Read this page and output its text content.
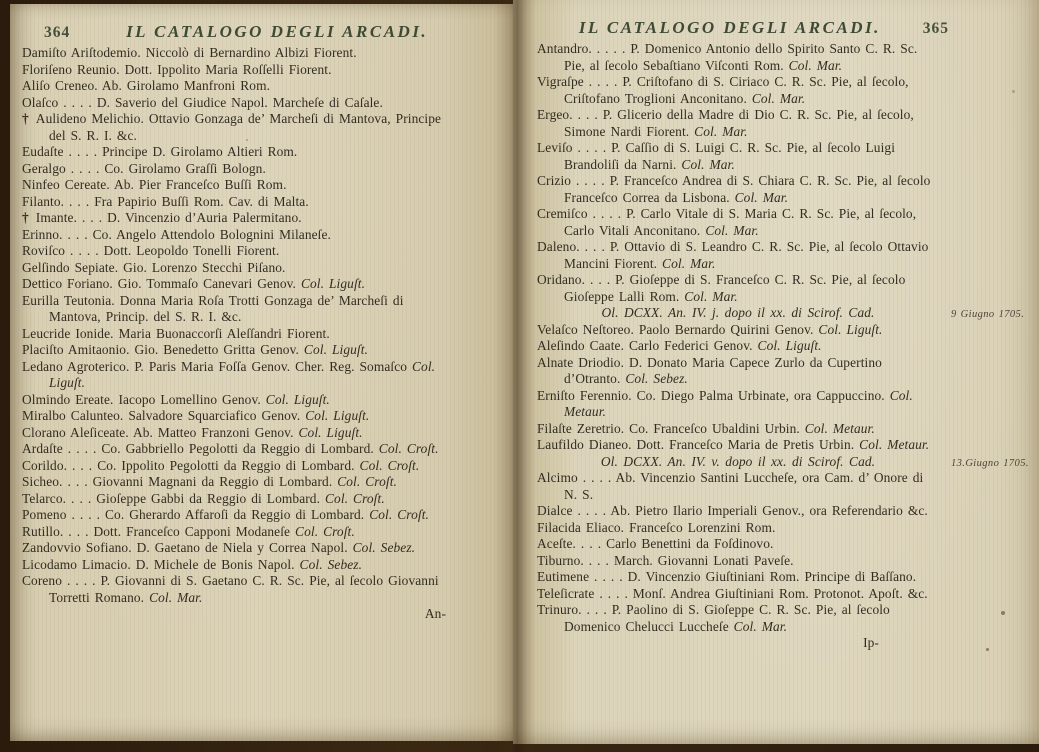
364	IL CATALOGO DEGLI ARCADI.
Damiſto Ariſtodemio. Niccolò di Bernardino Albizi Fiorent.
Floriſeno Reunio. Dott. Ippolito Maria Roſſelli Fiorent.
Aliſo Creneo. Ab. Girolamo Manfroni Rom.
Olaſco . . . . D. Saverio del Giudice Napol. Marcheſe di Caſale.
† Aulideno Melichio. Ottavio Gonzaga de’ Marcheſi di Mantova, Principe del S. R. I. &c.
Eudaſte . . . . Principe D. Girolamo Altieri Rom.
Geralgo . . . . Co. Girolamo Graſſi Bologn.
Ninfeo Cereate. Ab. Pier Franceſco Buſſi Rom.
Filanto. . . . Fra Papirio Buſſi Rom. Cav. di Malta.
† Imante. . . . D. Vincenzio d’Auria Palermitano.
Erinno. . . . Co. Angelo Attendolo Bolognini Milaneſe.
Roviſco . . . . Dott. Leopoldo Tonelli Fiorent.
Gelſindo Sepiate. Gio. Lorenzo Stecchi Piſano.
Dettico Foriano. Gio. Tommaſo Canevari Genov. Col. Liguſt.
Eurilla Teutonia. Donna Maria Roſa Trotti Gonzaga de’ Marcheſi di Mantova, Princip. del S. R. I. &c.
Leucride Ionide. Maria Buonaccorſi Aleſſandri Fiorent.
Placiſto Amitaonio. Gio. Benedetto Gritta Genov. Col. Liguſt.
Ledano Agroterico. P. Paris Maria Foſſa Genov. Cher. Reg. Somaſco Col. Liguſt.
Olmindo Ereate. Iacopo Lomellino Genov. Col. Liguſt.
Miralbo Calunteo. Salvadore Squarciafico Genov. Col. Liguſt.
Clorano Aleſiceate. Ab. Matteo Franzoni Genov. Col. Liguſt.
Ardaſte . . . . Co. Gabbriello Pegolotti da Reggio di Lombard. Col. Croſt.
Corildo. . . . Co. Ippolito Pegolotti da Reggio di Lombard. Col. Croſt.
Sicheo. . . . Giovanni Magnani da Reggio di Lombard. Col. Croſt.
Telarco. . . . Gioſeppe Gabbi da Reggio di Lombard. Col. Croſt.
Pomeno . . . . Co. Gherardo Affaroſi da Reggio di Lombard. Col. Croſt.
Rutillo. . . . Dott. Franceſco Capponi Modaneſe Col. Croſt.
Zandovvio Sofiano. D. Gaetano de Niela y Correa Napol. Col. Sebez.
Licodamo Limacio. D. Michele de Bonis Napol. Col. Sebez.
Coreno . . . . P. Giovanni di S. Gaetano C. R. Sc. Pie, al ſecolo Giovanni Torretti Romano. Col. Mar.
An-
IL CATALOGO DEGLI ARCADI.	365
Antandro. . . . . P. Domenico Antonio dello Spirito Santo C. R. Sc. Pie, al ſecolo Sebaſtiano Viſconti Rom. Col. Mar.
Vigraſpe . . . . P. Criſtofano di S. Ciriaco C. R. Sc. Pie, al ſecolo, Criſtofano Troglioni Anconitano. Col. Mar.
Ergeo. . . . P. Glicerio della Madre di Dio C. R. Sc. Pie, al ſecolo, Simone Nardi Fiorent. Col. Mar.
Leviſo . . . . P. Caſſio di S. Luigi C. R. Sc. Pie, al ſecolo Luigi Brandoliſi da Narni. Col. Mar.
Crizio . . . . P. Franceſco Andrea di S. Chiara C. R. Sc. Pie, al ſecolo Franceſco Correa da Lisbona. Col. Mar.
Cremiſco . . . . P. Carlo Vitale di S. Maria C. R. Sc. Pie, al ſecolo, Carlo Vitali Anconitano. Col. Mar.
Daleno. . . . P. Ottavio di S. Leandro C. R. Sc. Pie, al ſecolo Ottavio Mancini Fiorent. Col. Mar.
Oridano. . . . P. Gioſeppe di S. Franceſco C. R. Sc. Pie, al ſecolo Gioſeppe Lalli Rom. Col. Mar.
Ol. DCXX. An. IV. j. dopo il xx. di Scirof. Cad.	9 Giugno 1705.
Velaſco Neſtoreo. Paolo Bernardo Quirini Genov. Col. Liguſt.
Aleſindo Caate. Carlo Federici Genov. Col. Liguſt.
Alnate Driodio. D. Donato Maria Capece Zurlo da Cupertino d’Otranto. Col. Sebez.
Erniſto Ferennio. Co. Diego Palma Urbinate, ora Cappuccino. Col. Metaur.
Filaſte Zeretrio. Co. Franceſco Ubaldini Urbin. Col. Metaur.
Laufildo Dianeo. Dott. Franceſco Maria de Pretis Urbin. Col. Metaur.
Ol. DCXX. An. IV. v. dopo il xx. di Scirof. Cad.	13.Giugno 1705.
Alcimo . . . . Ab. Vincenzio Santini Luccheſe, ora Cam. d’ Onore di N. S.
Dialce . . . . Ab. Pietro Ilario Imperiali Genov., ora Referendario &c.
Filacida Eliaco. Franceſco Lorenzini Rom.
Aceſte. . . . Carlo Benettini da Foſdinovo.
Tiburno. . . . March. Giovanni Lonati Paveſe.
Eutimene . . . . D. Vincenzio Giuſtiniani Rom. Principe di Baſſano.
Teleſicrate . . . . Monſ. Andrea Giuſtiniani Rom. Protonot. Apoſt. &c.
Trinuro. . . . P. Paolino di S. Gioſeppe C. R. Sc. Pie, al ſecolo Domenico Chelucci Luccheſe Col. Mar.
Ip-
